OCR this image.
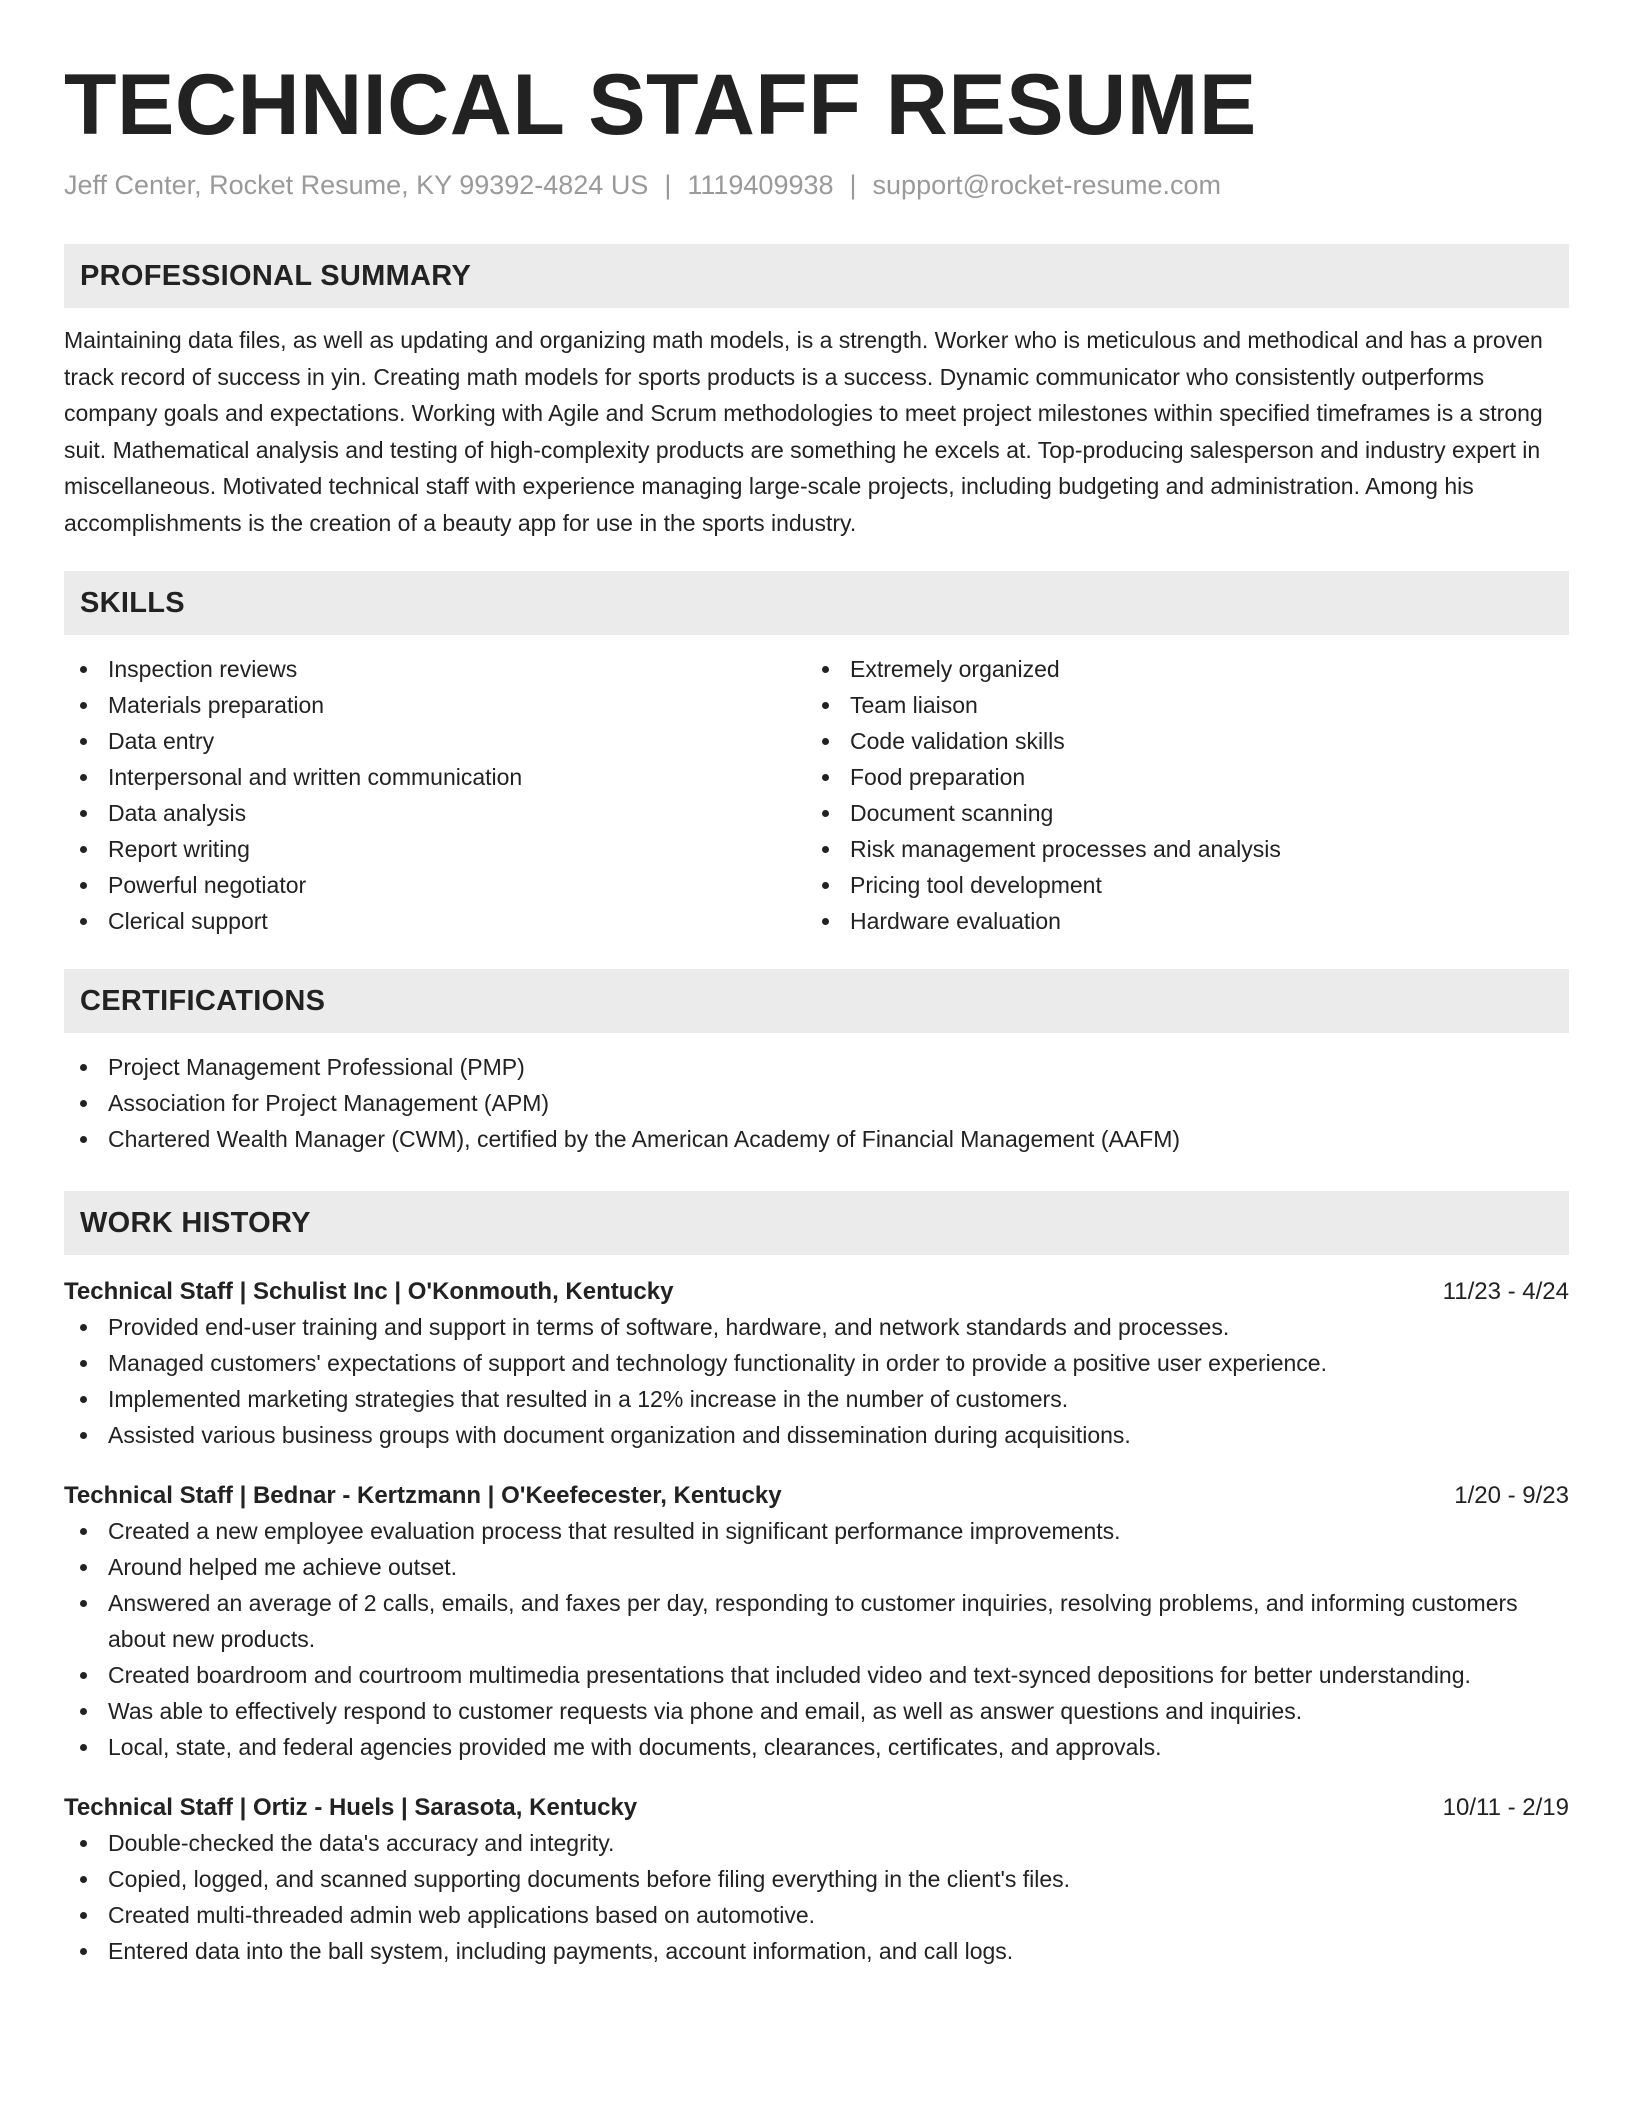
TECHNICAL STAFF RESUME
Jeff Center, Rocket Resume, KY 99392-4824 US | 1119409938 | support@rocket-resume.com
PROFESSIONAL SUMMARY

Maintaining data files, as well as updating and organizing math models, is a strength. Worker who is meticulous and methodical and has a proven track record of success in yin. Creating math models for sports products is a success. Dynamic communicator who consistently outperforms company goals and expectations. Working with Agile and Scrum methodologies to meet project milestones within specified timeframes is a strong suit. Mathematical analysis and testing of high-complexity products are something he excels at. Top-producing salesperson and industry expert in miscellaneous. Motivated technical staff with experience managing large-scale projects, including budgeting and administration. Among his accomplishments is the creation of a beauty app for use in the sports industry.

SKILLS
Inspection reviews
Materials preparation
Data entry
Interpersonal and written communication
Data analysis
Report writing
Powerful negotiator
Clerical support
Extremely organized
Team liaison
Code validation skills
Food preparation
Document scanning
Risk management processes and analysis
Pricing tool development
Hardware evaluation
CERTIFICATIONS
Project Management Professional (PMP)
Association for Project Management (APM)
Chartered Wealth Manager (CWM), certified by the American Academy of Financial Management (AAFM)
WORK HISTORY
Technical Staff | Schulist Inc | O'Konmouth, Kentucky	11/23 - 4/24
Provided end-user training and support in terms of software, hardware, and network standards and processes.
Managed customers' expectations of support and technology functionality in order to provide a positive user experience.
Implemented marketing strategies that resulted in a 12% increase in the number of customers.
Assisted various business groups with document organization and dissemination during acquisitions.
Technical Staff | Bednar - Kertzmann | O'Keefecester, Kentucky	1/20 - 9/23
Created a new employee evaluation process that resulted in significant performance improvements.
Around helped me achieve outset.
Answered an average of 2 calls, emails, and faxes per day, responding to customer inquiries, resolving problems, and informing customers about new products.
Created boardroom and courtroom multimedia presentations that included video and text-synced depositions for better understanding.
Was able to effectively respond to customer requests via phone and email, as well as answer questions and inquiries.
Local, state, and federal agencies provided me with documents, clearances, certificates, and approvals.
Technical Staff | Ortiz - Huels | Sarasota, Kentucky	10/11 - 2/19
Double-checked the data's accuracy and integrity.
Copied, logged, and scanned supporting documents before filing everything in the client's files.
Created multi-threaded admin web applications based on automotive.
Entered data into the ball system, including payments, account information, and call logs.
